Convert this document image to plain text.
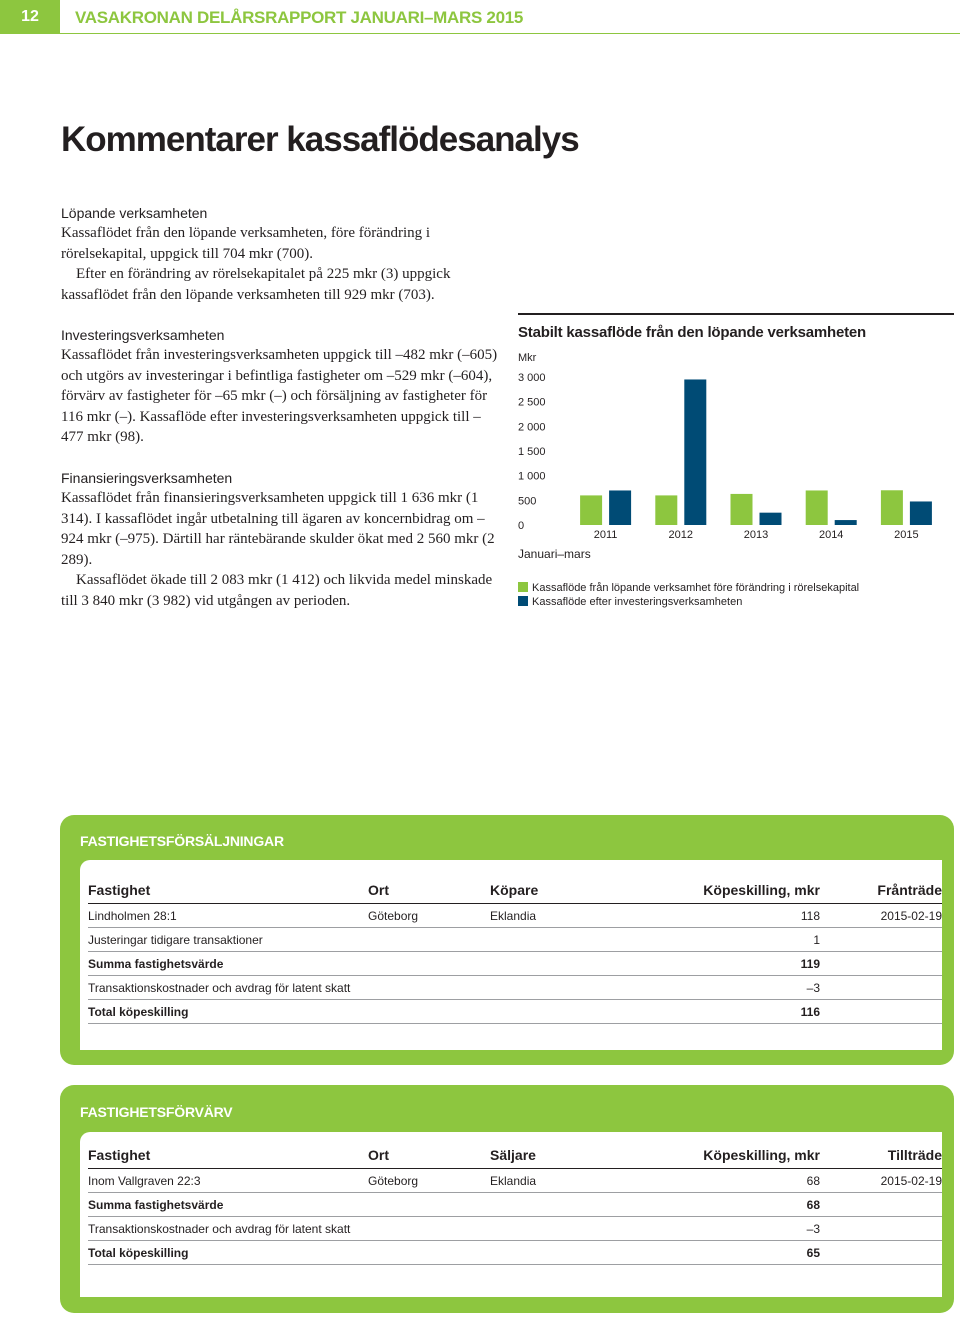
12	VASAKRONAN DELÅRSRAPPORT JANUARI–MARS 2015
Kommentarer kassaflödesanalys
Löpande verksamheten

Kassaflödet från den löpande verksamheten, före förändring i rörelsekapital, uppgick till 704 mkr (700).

Efter en förändring av rörelsekapitalet på 225 mkr (3) uppgick kassaflödet från den löpande verksamheten till 929 mkr (703).

Investeringsverksamheten

Kassaflödet från investeringsverksamheten uppgick till –482 mkr (–605) och utgörs av investeringar i befintliga fastigheter om –529 mkr (–604), förvärv av fastigheter för –65 mkr (–) och försäljning av fastigheter för 116 mkr (–). Kassaflöde efter investeringsverksamheten uppgick till –477 mkr (98).

Finansieringsverksamheten

Kassaflödet från finansieringsverksamheten uppgick till 1 636 mkr (1 314). I kassaflödet ingår utbetalning till ägaren av koncernbidrag om –924 mkr (–975). Därtill har räntebärande skulder ökat med 2 560 mkr (2 289).

Kassaflödet ökade till 2 083 mkr (1 412) och likvida medel minskade till 3 840 mkr (3 982) vid utgången av perioden.

Stabilt kassaflöde från den löpande verksamheten
Mkr
3 000
2 500
2 000
1 500
1 000
500
0
2011	2012	2013	2014	2015
Januari–mars
Kassaflöde från löpande verksamhet före förändring i rörelsekapital
Kassaflöde efter investeringsverksamheten
FASTIGHETSFÖRSÄLJNINGAR
Fastighet	Ort	Köpare	Köpeskilling, mkr	Frånträde
Lindholmen 28:1	Göteborg	Eklandia	118	2015-02-19
Justeringar tidigare transaktioner			1	
Summa fastighetsvärde			119	
Transaktionskostnader och avdrag för latent skatt			–3	
Total köpeskilling			116	
FASTIGHETSFÖRVÄRV
Fastighet	Ort	Säljare	Köpeskilling, mkr	Tillträde
Inom Vallgraven 22:3	Göteborg	Eklandia	68	2015-02-19
Summa fastighetsvärde			68	
Transaktionskostnader och avdrag för latent skatt			–3	
Total köpeskilling			65	
